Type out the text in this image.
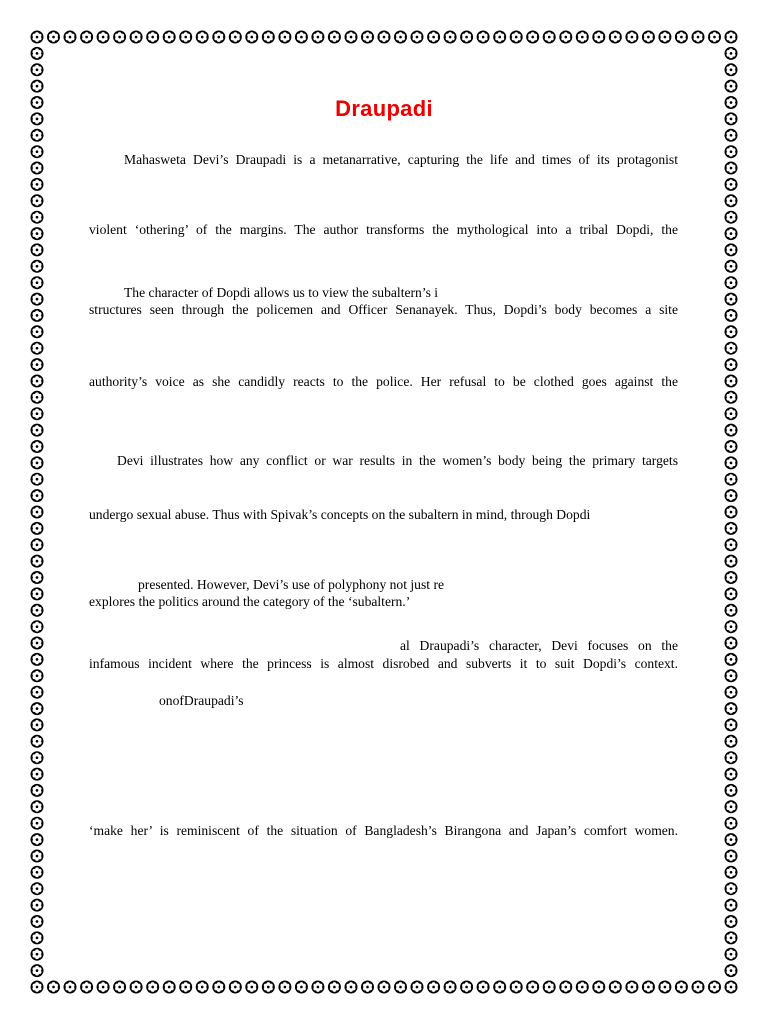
Draupadi
Mahasweta Devi’s Draupadi is a metanarrative, capturing the life and times of its protagonist
violent ‘othering’ of the margins. The author transforms the mythological into a tribal Dopdi, the
The character of Dopdi allows us to view the subaltern’s i
structures seen through the policemen and Officer Senanayek. Thus, Dopdi’s body becomes a site
authority’s voice as she candidly reacts to the police. Her refusal to be clothed goes against the
Devi illustrates how any conflict or war results in the women’s body being the primary targets
undergo sexual abuse. Thus with Spivak’s concepts on the subaltern in mind, through Dopdi
presented. However, Devi’s use of polyphony not just re
explores the politics around the category of the ‘subaltern.’
al Draupadi’s character, Devi focuses on the
infamous incident where the princess is almost disrobed and subverts it to suit Dopdi’s context.
onofDraupadi’s
‘make her’ is reminiscent of the situation of Bangladesh’s Birangona and Japan’s comfort women.
